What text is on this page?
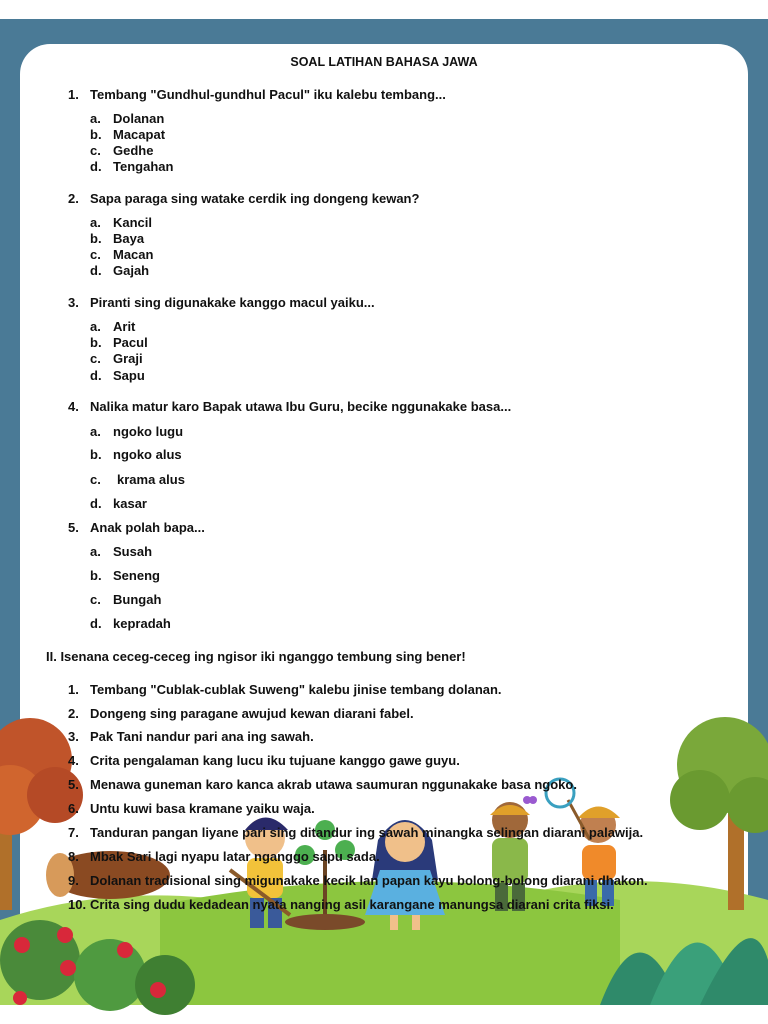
SOAL LATIHAN BAHASA JAWA
1. Tembang "Gundhul-gundhul Pacul" iku kalebu tembang...
a. Dolanan
b. Macapat
c. Gedhe
d. Tengahan
2. Sapa paraga sing watake cerdik ing dongeng kewan?
a. Kancil
b. Baya
c. Macan
d. Gajah
3. Piranti sing digunakake kanggo macul yaiku...
a. Arit
b. Pacul
c. Graji
d. Sapu
4. Nalika matur karo Bapak utawa Ibu Guru, becike nggunakake basa...
a. ngoko lugu
b. ngoko alus
c. krama alus
d. kasar
5. Anak polah bapa...
a. Susah
b. Seneng
c. Bungah
d. kepradah
II. Isenana ceceg-ceceg ing ngisor iki nganggo tembung sing bener!
1. Tembang "Cublak-cublak Suweng" kalebu jinise tembang dolanan.
2. Dongeng sing paragane awujud kewan diarani fabel.
3. Pak Tani nandur pari ana ing sawah.
4. Crita pengalaman kang lucu iku tujuane kanggo gawe guyu.
5. Menawa guneman karo kanca akrab utawa saumuran nggunakake basa ngoko.
6. Untu kuwi basa kramane yaiku waja.
7. Tanduran pangan liyane pari sing ditandur ing sawah minangka selingan diarani palawija.
8. Mbak Sari lagi nyapu latar nganggo sapu sada.
9. Dolanan tradisional sing migunakake kecik lan papan kayu bolong-bolong diarani dhakon.
10. Crita sing dudu kedadean nyata nanging asil karangane manungsa diarani crita fiksi.
